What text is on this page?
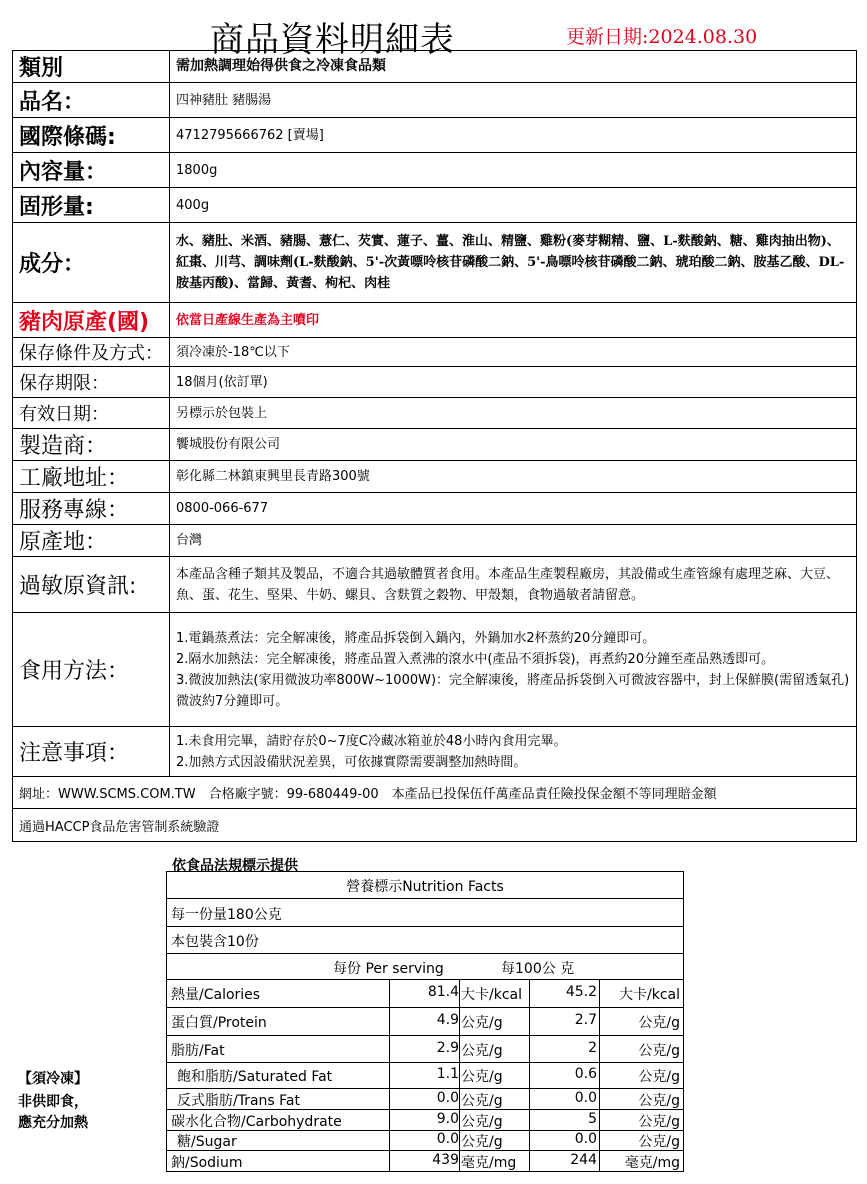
商品資料明細表	更新日期:2024.08.30
類別	需加熱調理始得供食之冷凍食品類
品名：	四神豬肚 豬腸湯
國際條碼:	4712795666762 [賣場]
內容量：	1800g
固形量:	400g
成分：	水、豬肚、米酒、豬腸、薏仁、芡實、蓮子、薑、淮山、精鹽、雞粉(麥芽糊精、鹽、L-麩酸鈉、糖、雞肉抽出物)、紅棗、川芎、調味劑(L-麩酸鈉、5'-次黃嘌呤核苷磷酸二鈉、5'-鳥嘌呤核苷磷酸二鈉、琥珀酸二鈉、胺基乙酸、DL-胺基丙酸)、當歸、黃耆、枸杞、肉桂
豬肉原產(國)	依當日產線生產為主噴印
保存條件及方式：	須冷凍於-18℃以下
保存期限：	18個月(依訂單)
有效日期：	另標示於包裝上
製造商：	饗城股份有限公司
工廠地址：	彰化縣二林鎮東興里長青路300號
服務專線：	0800-066-677
原產地：	台灣
過敏原資訊:	本產品含種子類其及製品，不適合其過敏體質者食用。本產品生產製程廠房，其設備或生產管線有處理芝麻、大豆、魚、蛋、花生、堅果、牛奶、螺貝、含麩質之穀物、甲殼類，食物過敏者請留意。
食用方法：	1.電鍋蒸煮法：完全解凍後，將產品拆袋倒入鍋內，外鍋加水2杯蒸約20分鐘即可。
2.隔水加熱法：完全解凍後，將產品置入煮沸的滾水中(產品不須拆袋)，再煮約20分鐘至產品熟透即可。
3.微波加熱法(家用微波功率800W~1000W)：完全解凍後，將產品拆袋倒入可微波容器中，封上保鮮膜(需留透氣孔)微波約7分鐘即可。

注意事項：	1.未食用完畢，請貯存於0~7度C冷藏冰箱並於48小時內食用完畢。
2.加熱方式因設備狀況差異，可依據實際需要調整加熱時間。

網址：WWW.SCMS.COM.TW　合格廠字號：99-680449-00　本產品已投保伍仟萬產品責任險投保金額不等同理賠金額	
通過HACCP食品危害管制系統驗證	
依食品法規標示提供
營養標示Nutrition Facts
每一份量180公克
本包裝含10份
每份 Per serving	每100公 克
熱量/Calories	81.4 大卡/kcal	45.2 大卡/kcal
蛋白質/Protein	4.9 公克/g	2.7	公克/g
脂肪/Fat	2.9 公克/g	2	公克/g
飽和脂肪/Saturated Fat	1.1 公克/g	0.6	公克/g
反式脂肪/Trans Fat	0.0 公克/g	0.0	公克/g
碳水化合物/Carbohydrate	9.0 公克/g	5	公克/g
糖/Sugar	0.0 公克/g	0.0	公克/g
鈉/Sodium	439 毫克/mg	244 毫克/mg
【須冷凍】
非供即食，
應充分加熱
